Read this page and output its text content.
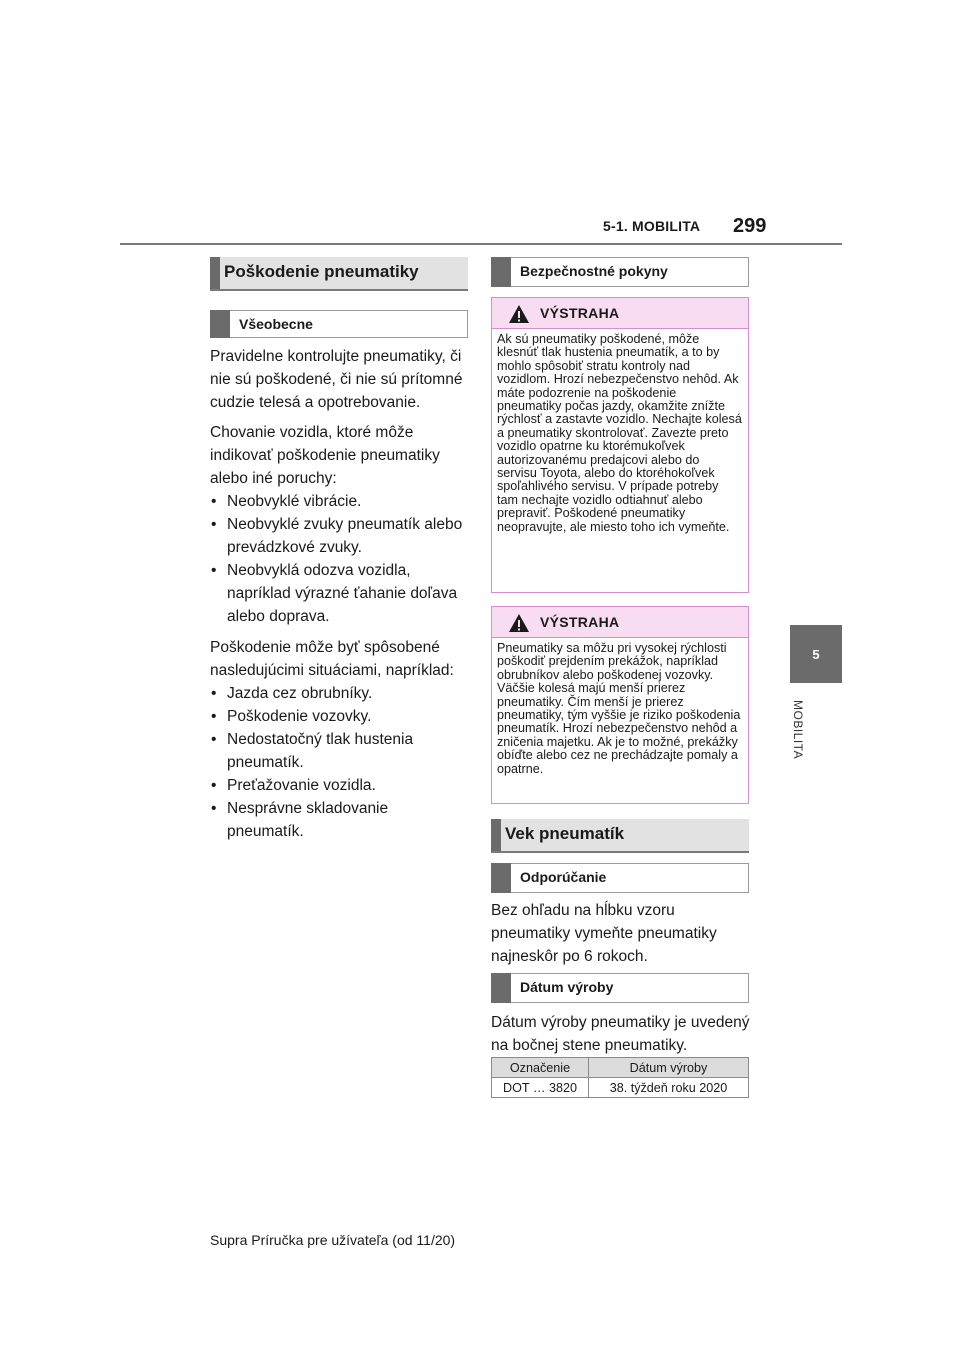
5-1. MOBILITA 299
5
MOBILITA
Poškodenie pneumatiky
Všeobecne

Pravidelne kontrolujte pneumatiky, či nie sú poškodené, či nie sú prítomné cudzie telesá a opotrebovanie.

Chovanie vozidla, ktoré môže indikovať poškodenie pneumatiky alebo iné poruchy:

• Neobvyklé vibrácie.
• Neobvyklé zvuky pneumatík alebo prevádzkové zvuky.
• Neobvyklá odozva vozidla, napríklad výrazné ťahanie doľava alebo doprava.

Poškodenie môže byť spôsobené nasledujúcimi situáciami, napríklad:

• Jazda cez obrubníky.
• Poškodenie vozovky.
• Nedostatočný tlak hustenia pneumatík.
• Preťažovanie vozidla.
• Nesprávne skladovanie pneumatík.
Bezpečnostné pokyny
VÝSTRAHA
Ak sú pneumatiky poškodené, môže klesnúť tlak hustenia pneumatík, a to by mohlo spôsobiť stratu kontroly nad vozidlom. Hrozí nebezpečenstvo nehôd. Ak máte podozrenie na poškodenie pneumatiky počas jazdy, okamžite znížte rýchlosť a zastavte vozidlo. Nechajte kolesá a pneumatiky skontrolovať. Zavezte preto vozidlo opatrne ku ktorémukoľvek autorizovanému predajcovi alebo do servisu Toyota, alebo do ktoréhokoľvek spoľahlivého servisu. V prípade potreby tam nechajte vozidlo odtiahnuť alebo prepraviť. Poškodené pneumatiky neopravujte, ale miesto toho ich vymeňte.
VÝSTRAHA
Pneumatiky sa môžu pri vysokej rýchlosti poškodiť prejdením prekážok, napríklad obrubníkov alebo poškodenej vozovky. Väčšie kolesá majú menší prierez pneumatiky. Čím menší je prierez pneumatiky, tým vyššie je riziko poškodenia pneumatík. Hrozí nebezpečenstvo nehôd a zničenia majetku. Ak je to možné, prekážky obíďte alebo cez ne prechádzajte pomaly a opatrne.
Vek pneumatík
Odporúčanie

Bez ohľadu na hĺbku vzoru pneumatiky vymeňte pneumatiky najneskôr po 6 rokoch.

Dátum výroby

Dátum výroby pneumatiky je uvedený na bočnej stene pneumatiky.

Označenie	Dátum výroby
DOT … 3820	38. týždeň roku 2020
Supra Príručka pre užívateľa (od 11/20)
